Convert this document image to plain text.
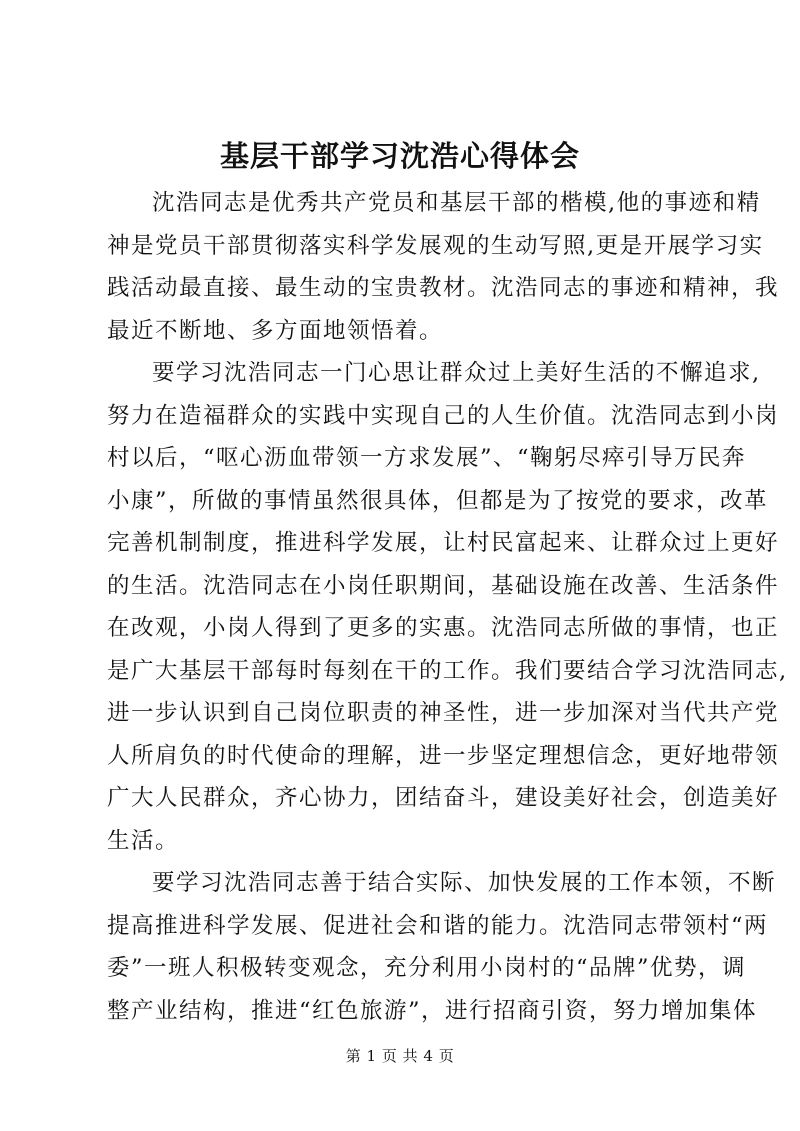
基层干部学习沈浩心得体会
沈浩同志是优秀共产党员和基层干部的楷模,他的事迹和精
神是党员干部贯彻落实科学发展观的生动写照,更是开展学习实
践活动最直接、最生动的宝贵教材。沈浩同志的事迹和精神，我
最近不断地、多方面地领悟着。
要学习沈浩同志一门心思让群众过上美好生活的不懈追求,
努力在造福群众的实践中实现自己的人生价值。沈浩同志到小岗
村以后，“呕心沥血带领一方求发展”、“鞠躬尽瘁引导万民奔
小康”，所做的事情虽然很具体，但都是为了按党的要求，改革
完善机制制度，推进科学发展，让村民富起来、让群众过上更好
的生活。沈浩同志在小岗任职期间，基础设施在改善、生活条件
在改观，小岗人得到了更多的实惠。沈浩同志所做的事情，也正
是广大基层干部每时每刻在干的工作。我们要结合学习沈浩同志,
进一步认识到自己岗位职责的神圣性，进一步加深对当代共产党
人所肩负的时代使命的理解，进一步坚定理想信念，更好地带领
广大人民群众，齐心协力，团结奋斗，建设美好社会，创造美好
生活。
要学习沈浩同志善于结合实际、加快发展的工作本领，不断
提高推进科学发展、促进社会和谐的能力。沈浩同志带领村“两
委”一班人积极转变观念，充分利用小岗村的“品牌”优势，调
整产业结构，推进“红色旅游”，进行招商引资，努力增加集体
第 1 页 共 4 页
